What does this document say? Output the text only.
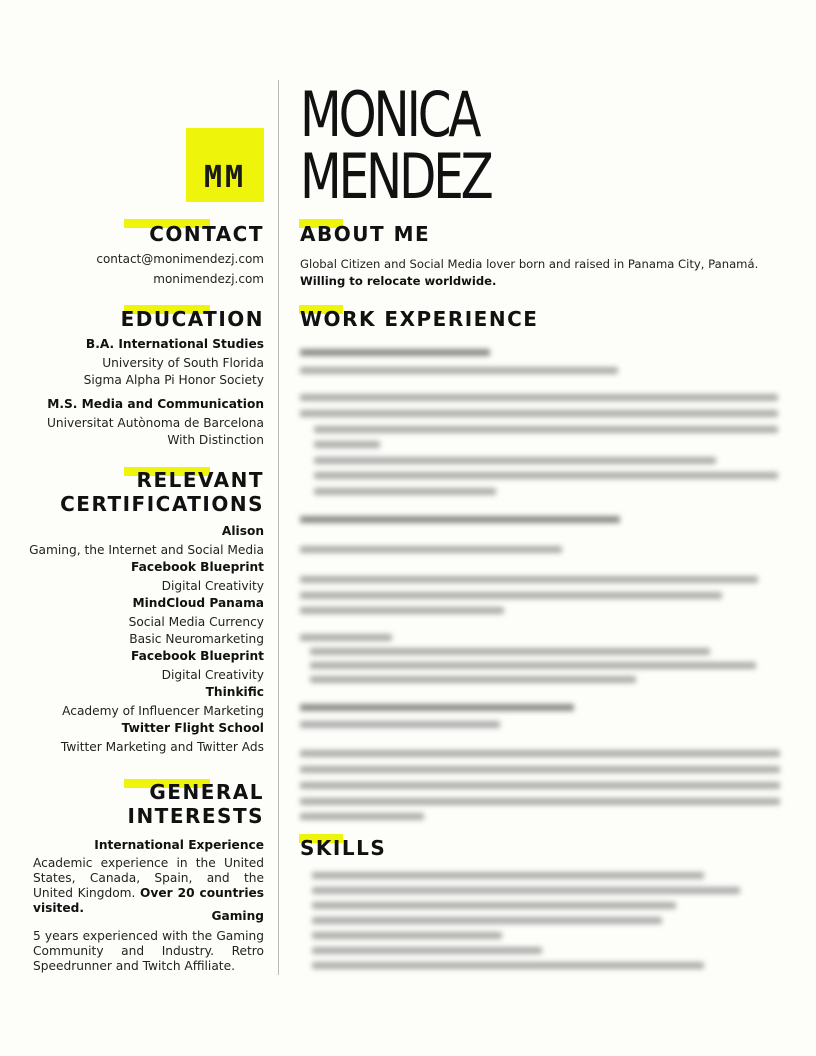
MM
MONICA
MENDEZ
CONTACT
contact@monimendezj.com
monimendezj.com
EDUCATION
B.A. International Studies
University of South Florida
Sigma Alpha Pi Honor Society
M.S. Media and Communication
Universitat Autònoma de Barcelona
With Distinction
RELEVANT
CERTIFICATIONS
Alison
Gaming, the Internet and Social Media
Facebook Blueprint
Digital Creativity
MindCloud Panama
Social Media Currency
Basic Neuromarketing
Facebook Blueprint
Digital Creativity
Thinkific
Academy of Influencer Marketing
Twitter Flight School
Twitter Marketing and Twitter Ads
GENERAL
INTERESTS
International Experience
Academic experience in the United States, Canada, Spain, and the United Kingdom. Over 20 countries visited.
Gaming
5 years experienced with the Gaming Community and Industry. Retro Speedrunner and Twitch Affiliate.
ABOUT ME
Global Citizen and Social Media lover born and raised in Panama City, Panamá.
Willing to relocate worldwide.
WORK EXPERIENCE
SKILLS
